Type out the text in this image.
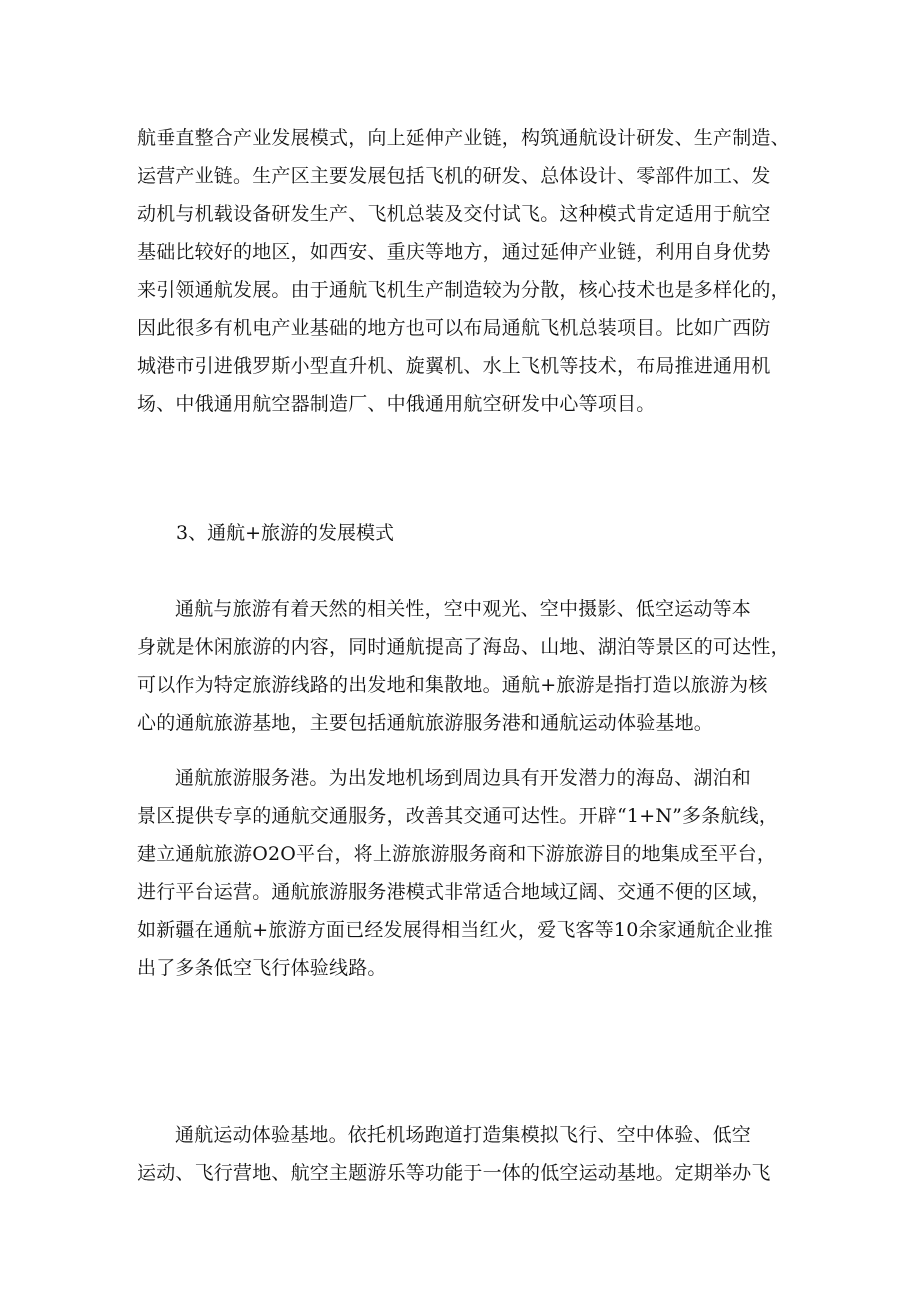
航垂直整合产业发展模式，向上延伸产业链，构筑通航设计研发、生产制造、
运营产业链。生产区主要发展包括飞机的研发、总体设计、零部件加工、发
动机与机载设备研发生产、飞机总装及交付试飞。这种模式肯定适用于航空
基础比较好的地区，如西安、重庆等地方，通过延伸产业链，利用自身优势
来引领通航发展。由于通航飞机生产制造较为分散，核心技术也是多样化的，
因此很多有机电产业基础的地方也可以布局通航飞机总装项目。比如广西防
城港市引进俄罗斯小型直升机、旋翼机、水上飞机等技术，布局推进通用机
场、中俄通用航空器制造厂、中俄通用航空研发中心等项目。
3、通航+旅游的发展模式
通航与旅游有着天然的相关性，空中观光、空中摄影、低空运动等本
身就是休闲旅游的内容，同时通航提高了海岛、山地、湖泊等景区的可达性，
可以作为特定旅游线路的出发地和集散地。通航+旅游是指打造以旅游为核
心的通航旅游基地，主要包括通航旅游服务港和通航运动体验基地。
通航旅游服务港。为出发地机场到周边具有开发潜力的海岛、湖泊和
景区提供专享的通航交通服务，改善其交通可达性。开辟“1+N”多条航线，
建立通航旅游O2O平台，将上游旅游服务商和下游旅游目的地集成至平台，
进行平台运营。通航旅游服务港模式非常适合地域辽阔、交通不便的区域，
如新疆在通航+旅游方面已经发展得相当红火，爱飞客等10余家通航企业推
出了多条低空飞行体验线路。
通航运动体验基地。依托机场跑道打造集模拟飞行、空中体验、低空
运动、飞行营地、航空主题游乐等功能于一体的低空运动基地。定期举办飞
